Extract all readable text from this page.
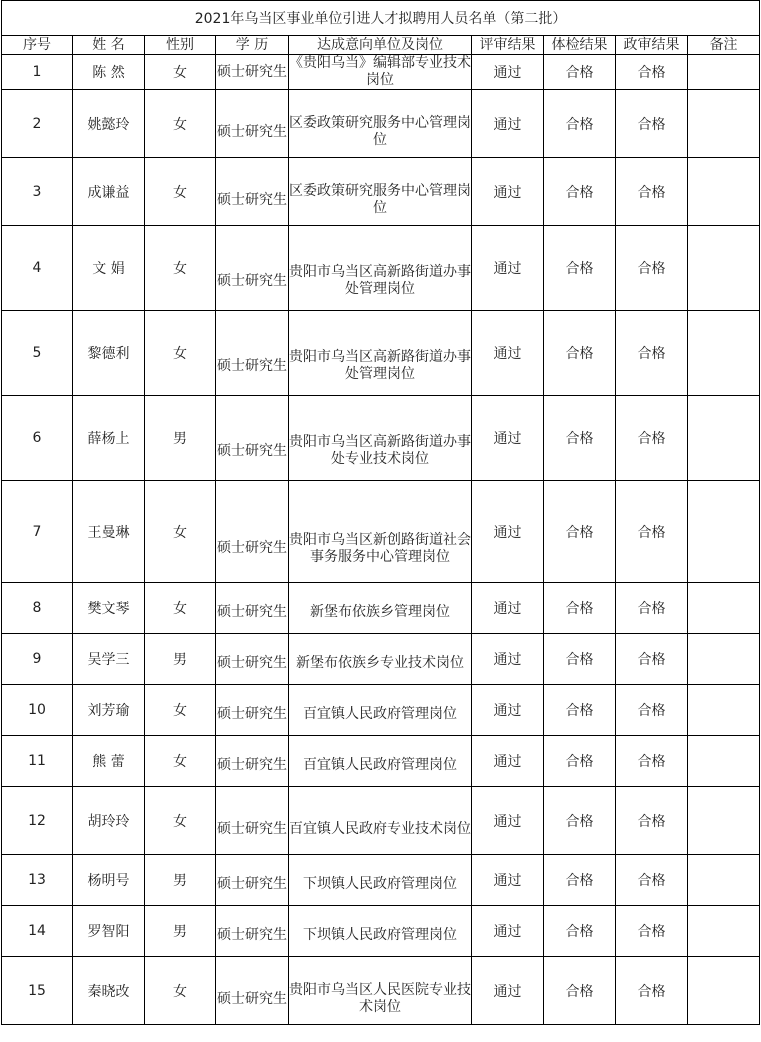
2021年乌当区事业单位引进人才拟聘用人员名单（第二批）								
序号	姓 名	性别	学 历	达成意向单位及岗位	评审结果	体检结果	政审结果	备注
1	陈 然	女	硕士研究生	《贵阳乌当》编辑部专业技术岗位	通过	合格	合格	
2	姚懿玲	女	硕士研究生	区委政策研究服务中心管理岗位	通过	合格	合格	
3	成谦益	女	硕士研究生	区委政策研究服务中心管理岗位	通过	合格	合格	
4	文 娟	女	硕士研究生	贵阳市乌当区高新路街道办事处管理岗位	通过	合格	合格	
5	黎德利	女	硕士研究生	贵阳市乌当区高新路街道办事处管理岗位	通过	合格	合格	
6	薛杨上	男	硕士研究生	贵阳市乌当区高新路街道办事处专业技术岗位	通过	合格	合格	
7	王曼琳	女	硕士研究生	贵阳市乌当区新创路街道社会事务服务中心管理岗位	通过	合格	合格	
8	樊文琴	女	硕士研究生	新堡布依族乡管理岗位	通过	合格	合格	
9	吴学三	男	硕士研究生	新堡布依族乡专业技术岗位	通过	合格	合格	
10	刘芳瑜	女	硕士研究生	百宜镇人民政府管理岗位	通过	合格	合格	
11	熊 蕾	女	硕士研究生	百宜镇人民政府管理岗位	通过	合格	合格	
12	胡玲玲	女	硕士研究生	百宜镇人民政府专业技术岗位	通过	合格	合格	
13	杨明号	男	硕士研究生	下坝镇人民政府管理岗位	通过	合格	合格	
14	罗智阳	男	硕士研究生	下坝镇人民政府管理岗位	通过	合格	合格	
15	秦晓改	女	硕士研究生	贵阳市乌当区人民医院专业技术岗位	通过	合格	合格	
